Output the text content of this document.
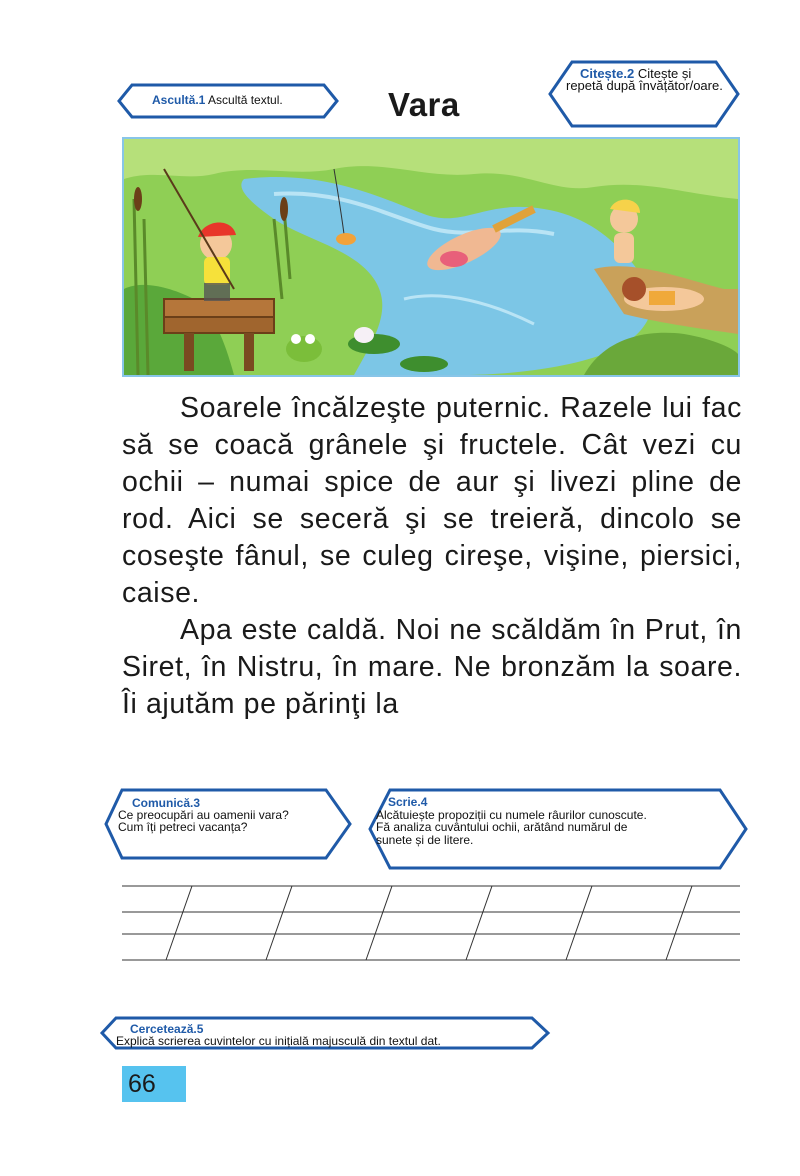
Ascultă.1 Ascultă textul.	Vara
Citește.2 Citește și repetă după învățător/oare.

Soarele încălzeşte puternic. Razele lui fac să se coacă grânele şi fructele. Cât vezi cu ochii – numai spice de aur şi livezi pline de rod. Aici se seceră şi se treieră, dincolo se coseşte fânul, se culeg cireşe, vişine, piersici, caise.

Apa este caldă. Noi ne scăldăm în Prut, în Siret, în Nistru, în mare. Ne bronzăm la soare. Îi ajutăm pe părinţi la

Comunică.3
Ce preocupări au oamenii vara?
Cum îți petreci vacanța?
Scrie.4
Alcătuiește propoziții cu numele râurilor cunoscute.
Fă analiza cuvântului ochii, arătând numărul de
sunete și de litere.
Cercetează.5
Explică scrierea cuvintelor cu inițială majusculă din textul dat.
66
